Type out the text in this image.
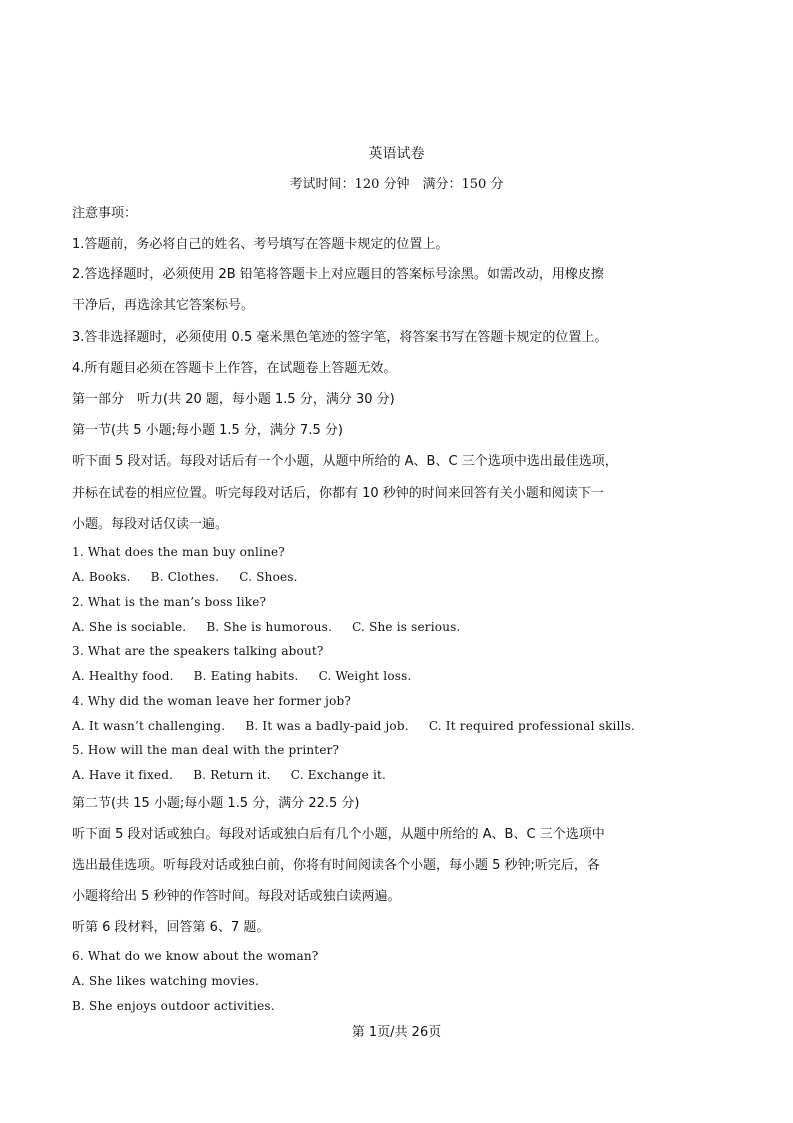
英语试卷
考试时间：120 分钟　满分：150 分
注意事项：
1.答题前，务必将自己的姓名、考号填写在答题卡规定的位置上。
2.答选择题时，必须使用 2B 铅笔将答题卡上对应题目的答案标号涂黑。如需改动，用橡皮擦
干净后，再选涂其它答案标号。
3.答非选择题时，必须使用 0.5 毫米黑色笔迹的签字笔，将答案书写在答题卡规定的位置上。
4.所有题目必须在答题卡上作答，在试题卷上答题无效。
第一部分　听力(共 20 题，每小题 1.5 分，满分 30 分)
第一节(共 5 小题;每小题 1.5 分，满分 7.5 分)
听下面 5 段对话。每段对话后有一个小题，从题中所给的 A、B、C 三个选项中选出最佳选项，
并标在试卷的相应位置。听完每段对话后，你都有 10 秒钟的时间来回答有关小题和阅读下一
小题。每段对话仅读一遍。
1. What does the man buy online?
A. Books.     B. Clothes.     C. Shoes.
2. What is the man’s boss like?
A. She is sociable.     B. She is humorous.     C. She is serious.
3. What are the speakers talking about?
A. Healthy food.     B. Eating habits.     C. Weight loss.
4. Why did the woman leave her former job?
A. It wasn’t challenging.     B. It was a badly-paid job.     C. It required professional skills.
5. How will the man deal with the printer?
A. Have it fixed.     B. Return it.     C. Exchange it.
第二节(共 15 小题;每小题 1.5 分，满分 22.5 分)
听下面 5 段对话或独白。每段对话或独白后有几个小题，从题中所给的 A、B、C 三个选项中
选出最佳选项。听每段对话或独白前，你将有时间阅读各个小题，每小题 5 秒钟;听完后，各
小题将给出 5 秒钟的作答时间。每段对话或独白读两遍。
听第 6 段材料，回答第 6、7 题。
6. What do we know about the woman?
A. She likes watching movies.
B. She enjoys outdoor activities.
第 1页/共 26页
